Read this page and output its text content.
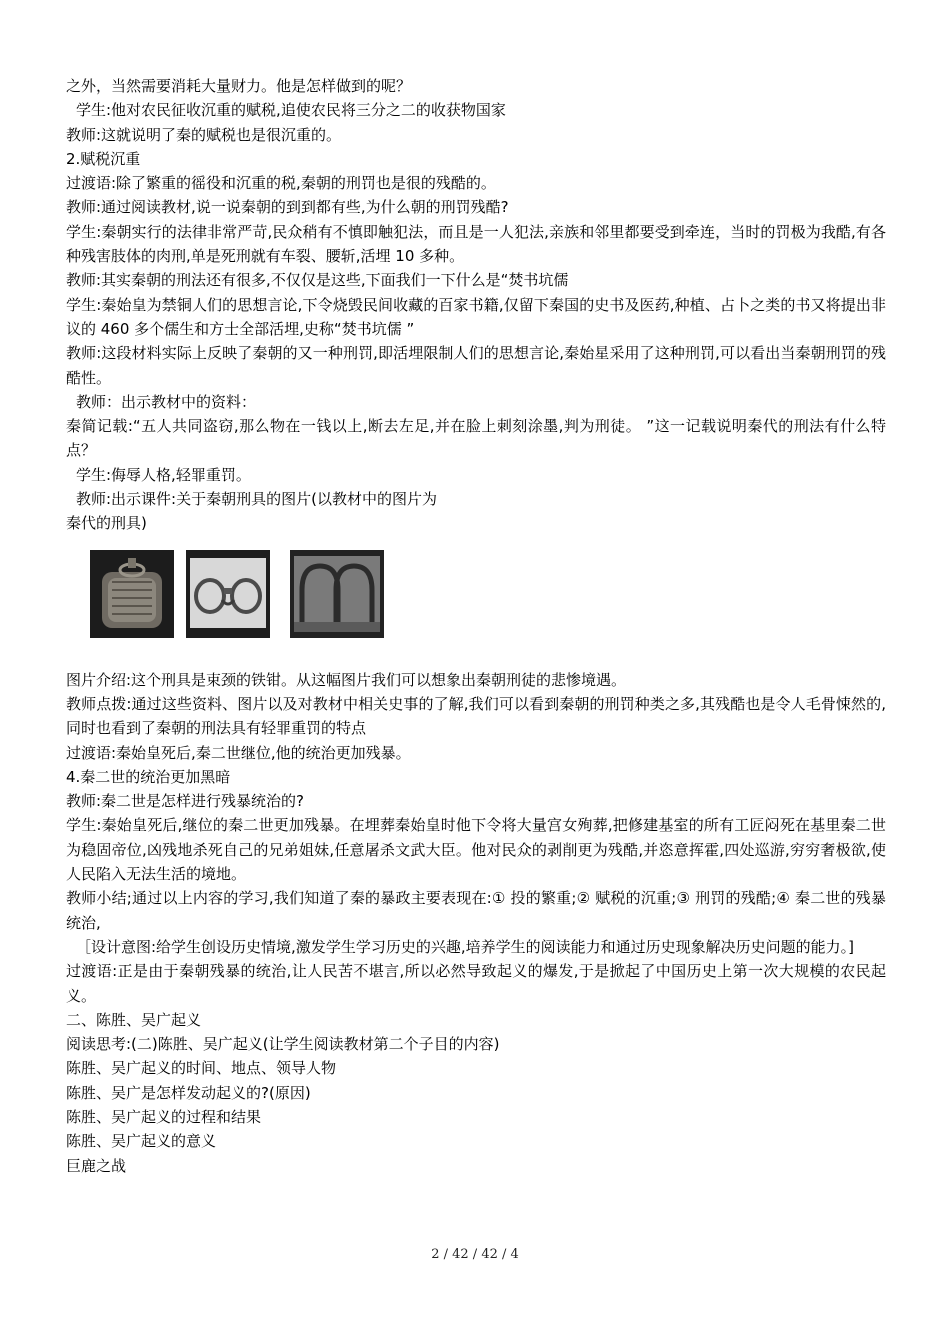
之外，当然需要消耗大量财力。他是怎样做到的呢？

学生:他对农民征收沉重的赋税,追使农民将三分之二的收获物国家

教师:这就说明了秦的赋税也是很沉重的。

2.赋税沉重

过渡语:除了繁重的徭役和沉重的税,秦朝的刑罚也是很的残酷的。

教师:通过阅读教材,说一说秦朝的到到都有些,为什么朝的刑罚残酷?

学生:秦朝实行的法律非常严苛,民众稍有不慎即触犯法，而且是一人犯法,亲族和邻里都要受到牵连，当时的罚极为我酷,有各种残害肢体的肉刑,单是死刑就有车裂、腰斩,活埋 10 多种。

教师:其实秦朝的刑法还有很多,不仅仅是这些,下面我们一下什么是“焚书坑儒

学生:秦始皇为禁铜人们的思想言论,下令烧毁民间收藏的百家书籍,仅留下秦国的史书及医药,种植、占卜之类的书又将提出非议的 460 多个儒生和方士全部活埋,史称“焚书坑儒 ”

教师:这段材料实际上反映了秦朝的又一种刑罚,即活埋限制人们的思想言论,秦始星采用了这种刑罚,可以看出当秦朝刑罚的残酷性。

教师：出示教材中的资料：

秦简记载:“五人共同盗窃,那么物在一钱以上,断去左足,并在脸上刺刻涂墨,判为刑徒。 ”这一记载说明秦代的刑法有什么特点？

学生:侮辱人格,轻罪重罚。

教师:出示课件:关于秦朝刑具的图片(以教材中的图片为

秦代的刑具)

图片介绍:这个刑具是束颈的铁钳。从这幅图片我们可以想象出秦朝刑徒的悲惨境遇。

教师点拨:通过这些资料、图片以及对教材中相关史事的了解,我们可以看到秦朝的刑罚种类之多,其残酷也是令人毛骨悚然的,同时也看到了秦朝的刑法具有轻罪重罚的特点

过渡语:秦始皇死后,秦二世继位,他的统治更加残暴。

4.秦二世的统治更加黑暗

教师:秦二世是怎样进行残暴统治的?

学生:秦始皇死后,继位的秦二世更加残暴。在埋葬秦始皇时他下令将大量宫女殉葬,把修建基室的所有工匠闷死在基里秦二世为稳固帝位,凶残地杀死自己的兄弟姐妹,任意屠杀文武大臣。他对民众的剥削更为残酷,并恣意挥霍,四处巡游,穷穷奢极欲,使人民陷入无法生活的境地。

教师小结;通过以上内容的学习,我们知道了秦的暴政主要表现在:① 投的繁重;② 赋税的沉重;③ 刑罚的残酷;④ 秦二世的残暴统治,

［设计意图:给学生创设历史情境,激发学生学习历史的兴趣,培养学生的阅读能力和通过历史现象解决历史问题的能力。]

过渡语:正是由于秦朝残暴的统治,让人民苦不堪言,所以必然导致起义的爆发,于是掀起了中国历史上第一次大规模的农民起义。

二、陈胜、吴广起义

阅读思考:(二)陈胜、吴广起义(让学生阅读教材第二个子目的内容)

陈胜、吴广起义的时间、地点、领导人物

陈胜、吴广是怎样发动起义的?(原因)

陈胜、吴广起义的过程和结果

陈胜、吴广起义的意义

巨鹿之战

2 / 42 / 42 / 4
